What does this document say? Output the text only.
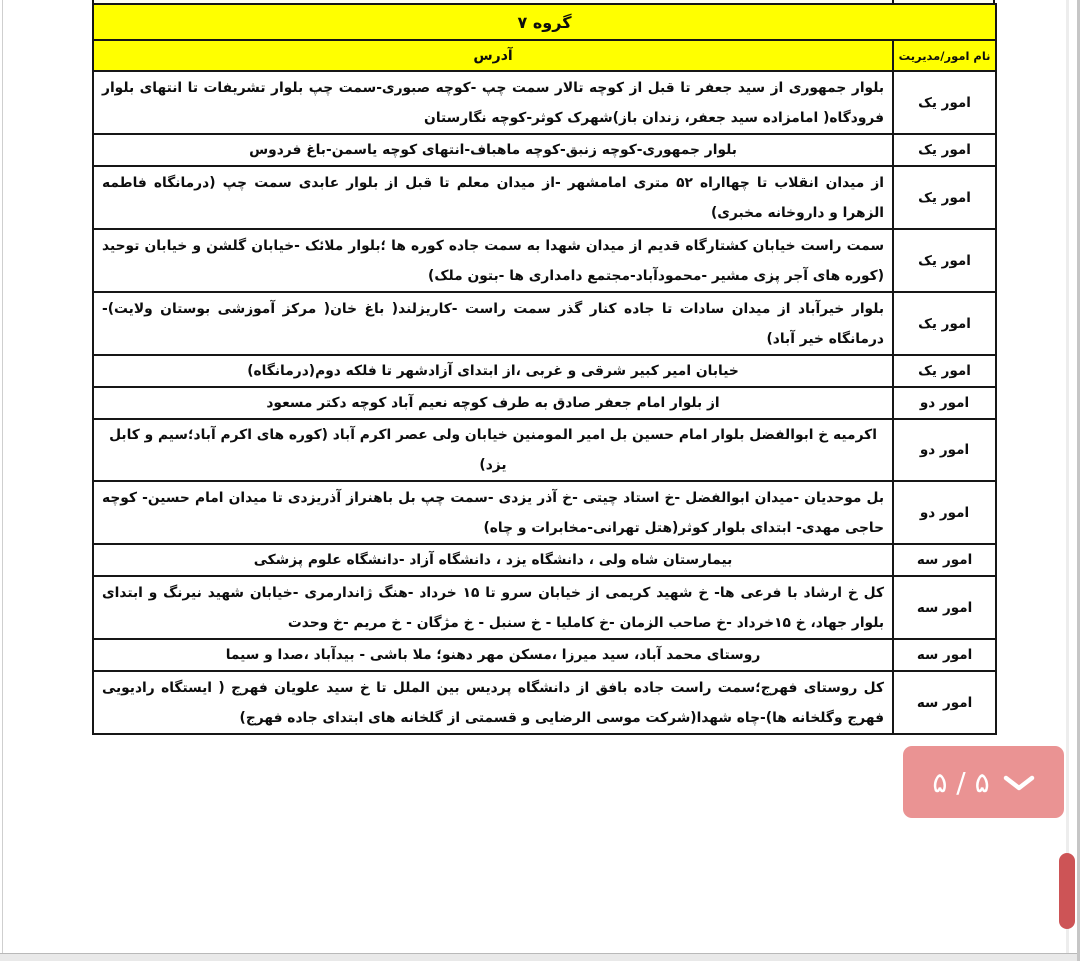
گروه ۷	
نام امور/مدیریت	آدرس
امور یک	بلوار جمهوری از سید جعفر تا قبل از کوچه تالار سمت چپ -کوچه صبوری-سمت چپ بلوار تشریفات تا انتهای بلوار فرودگاه( امامزاده سید جعفر، زندان باز)شهرک کوثر-کوچه نگارستان
امور یک	بلوار جمهوری-کوچه زنبق-کوچه ماهباف-انتهای کوچه یاسمن-باغ فردوس
امور یک	از میدان انقلاب تا چهااراه ۵۲ متری امامشهر -از میدان معلم تا قبل از بلوار عابدی سمت چپ (درمانگاه فاطمه الزهرا و داروخانه مخبری)
امور یک	سمت راست خیابان کشتارگاه قدیم از میدان شهدا به سمت جاده کوره ها ؛بلوار ملائک -خیابان گلشن و خیابان توحید (کوره های آجر پزی مشیر -محمودآباد-مجتمع دامداری ها -بتون ملک)
امور یک	بلوار خیرآباد از میدان سادات تا جاده کنار گذر سمت راست -کاریزلند( باغ خان( مرکز آموزشی بوستان ولایت)-درمانگاه خیر آباد)
امور یک	خیابان امیر کبیر شرقی و غربی ،از ابتدای آزادشهر تا فلکه دوم(درمانگاه)
امور دو	از بلوار امام جعفر صادق به طرف کوچه نعیم آباد کوچه دکتر مسعود
امور دو	اکرمیه خ ابوالفضل بلوار امام حسین بل امیر المومنین خیابان ولی عصر اکرم آباد (کوره های اکرم آباد؛سیم و کابل یزد)
امور دو	بل موحدیان -میدان ابوالفضل -خ استاد چیتی -خ آذر یزدی -سمت چپ بل باهنراز آذریزدی تا میدان امام حسین- کوچه حاجی مهدی- ابتدای بلوار کوثر(هتل تهرانی-مخابرات و چاه)
امور سه	بیمارستان شاه ولی ، دانشگاه یزد ، دانشگاه آزاد -دانشگاه علوم پزشکی
امور سه	کل خ ارشاد با فرعی ها- خ شهید کریمی از خیابان سرو تا ۱۵ خرداد -هنگ ژاندارمری -خیابان شهید نیرنگ و ابتدای بلوار جهاد، خ ۱۵خرداد -خ صاحب الزمان -خ کاملیا - خ سنبل - خ مژگان - خ مریم -خ وحدت
امور سه	روستای محمد آباد، سید میرزا ،مسکن مهر دهنو؛ ملا باشی - بیدآباد ،صدا و سیما
امور سه	کل روستای فهرج؛سمت راست جاده بافق از دانشگاه پردیس بین الملل تا خ سید علویان فهرج ( ایستگاه رادیویی فهرج وگلخانه ها)-چاه شهدا(شرکت موسی الرضایی و قسمتی از گلخانه های ابتدای جاده فهرج)
۵ / ۵
